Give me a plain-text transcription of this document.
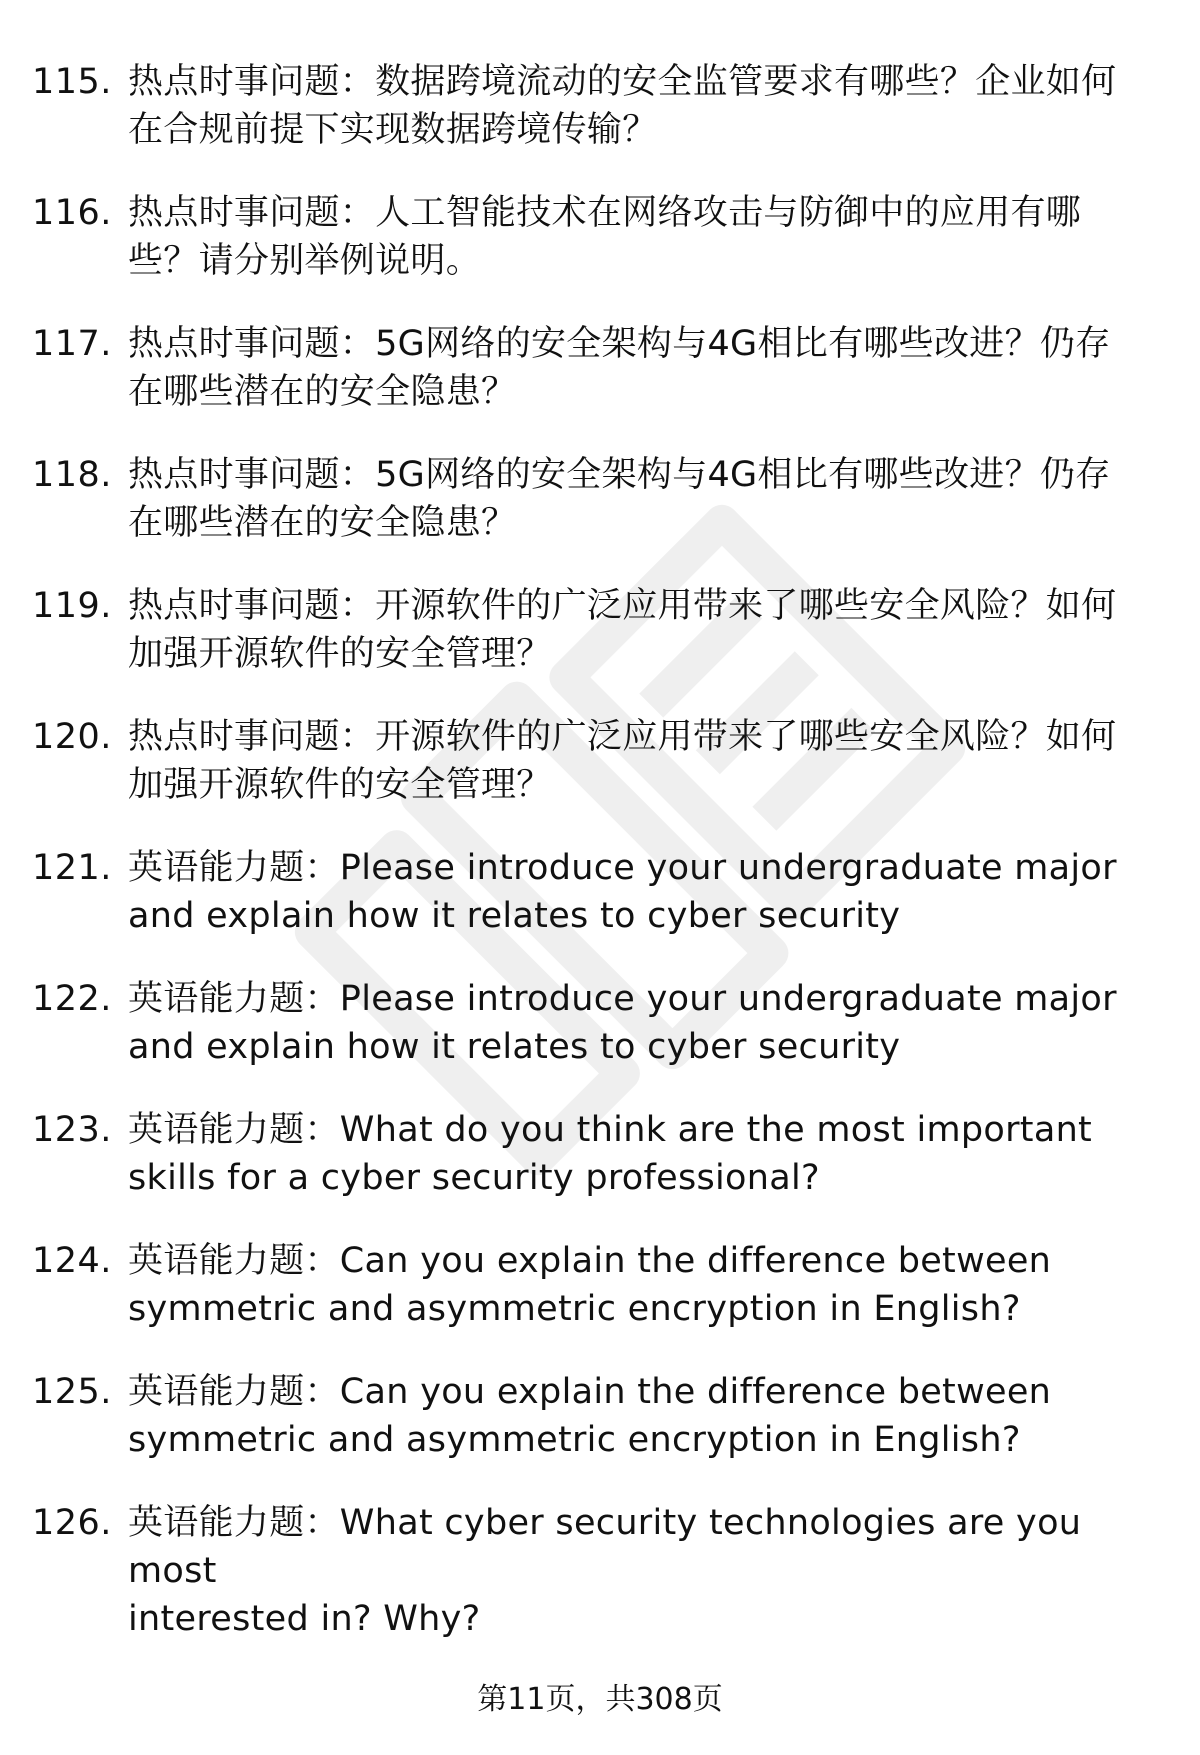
115. 热点时事问题：数据跨境流动的安全监管要求有哪些？企业如何
在合规前提下实现数据跨境传输？
116. 热点时事问题：人工智能技术在网络攻击与防御中的应用有哪
些？请分别举例说明。
117. 热点时事问题：5G网络的安全架构与4G相比有哪些改进？仍存
在哪些潜在的安全隐患？
118. 热点时事问题：5G网络的安全架构与4G相比有哪些改进？仍存
在哪些潜在的安全隐患？
119. 热点时事问题：开源软件的广泛应用带来了哪些安全风险？如何
加强开源软件的安全管理？
120. 热点时事问题：开源软件的广泛应用带来了哪些安全风险？如何
加强开源软件的安全管理？
121. 英语能力题：Please introduce your undergraduate major
and explain how it relates to cyber security
122. 英语能力题：Please introduce your undergraduate major
and explain how it relates to cyber security
123. 英语能力题：What do you think are the most important
skills for a cyber security professional?
124. 英语能力题：Can you explain the difference between
symmetric and asymmetric encryption in English?
125. 英语能力题：Can you explain the difference between
symmetric and asymmetric encryption in English?
126. 英语能力题：What cyber security technologies are you most
interested in? Why?
第11页，共308页
